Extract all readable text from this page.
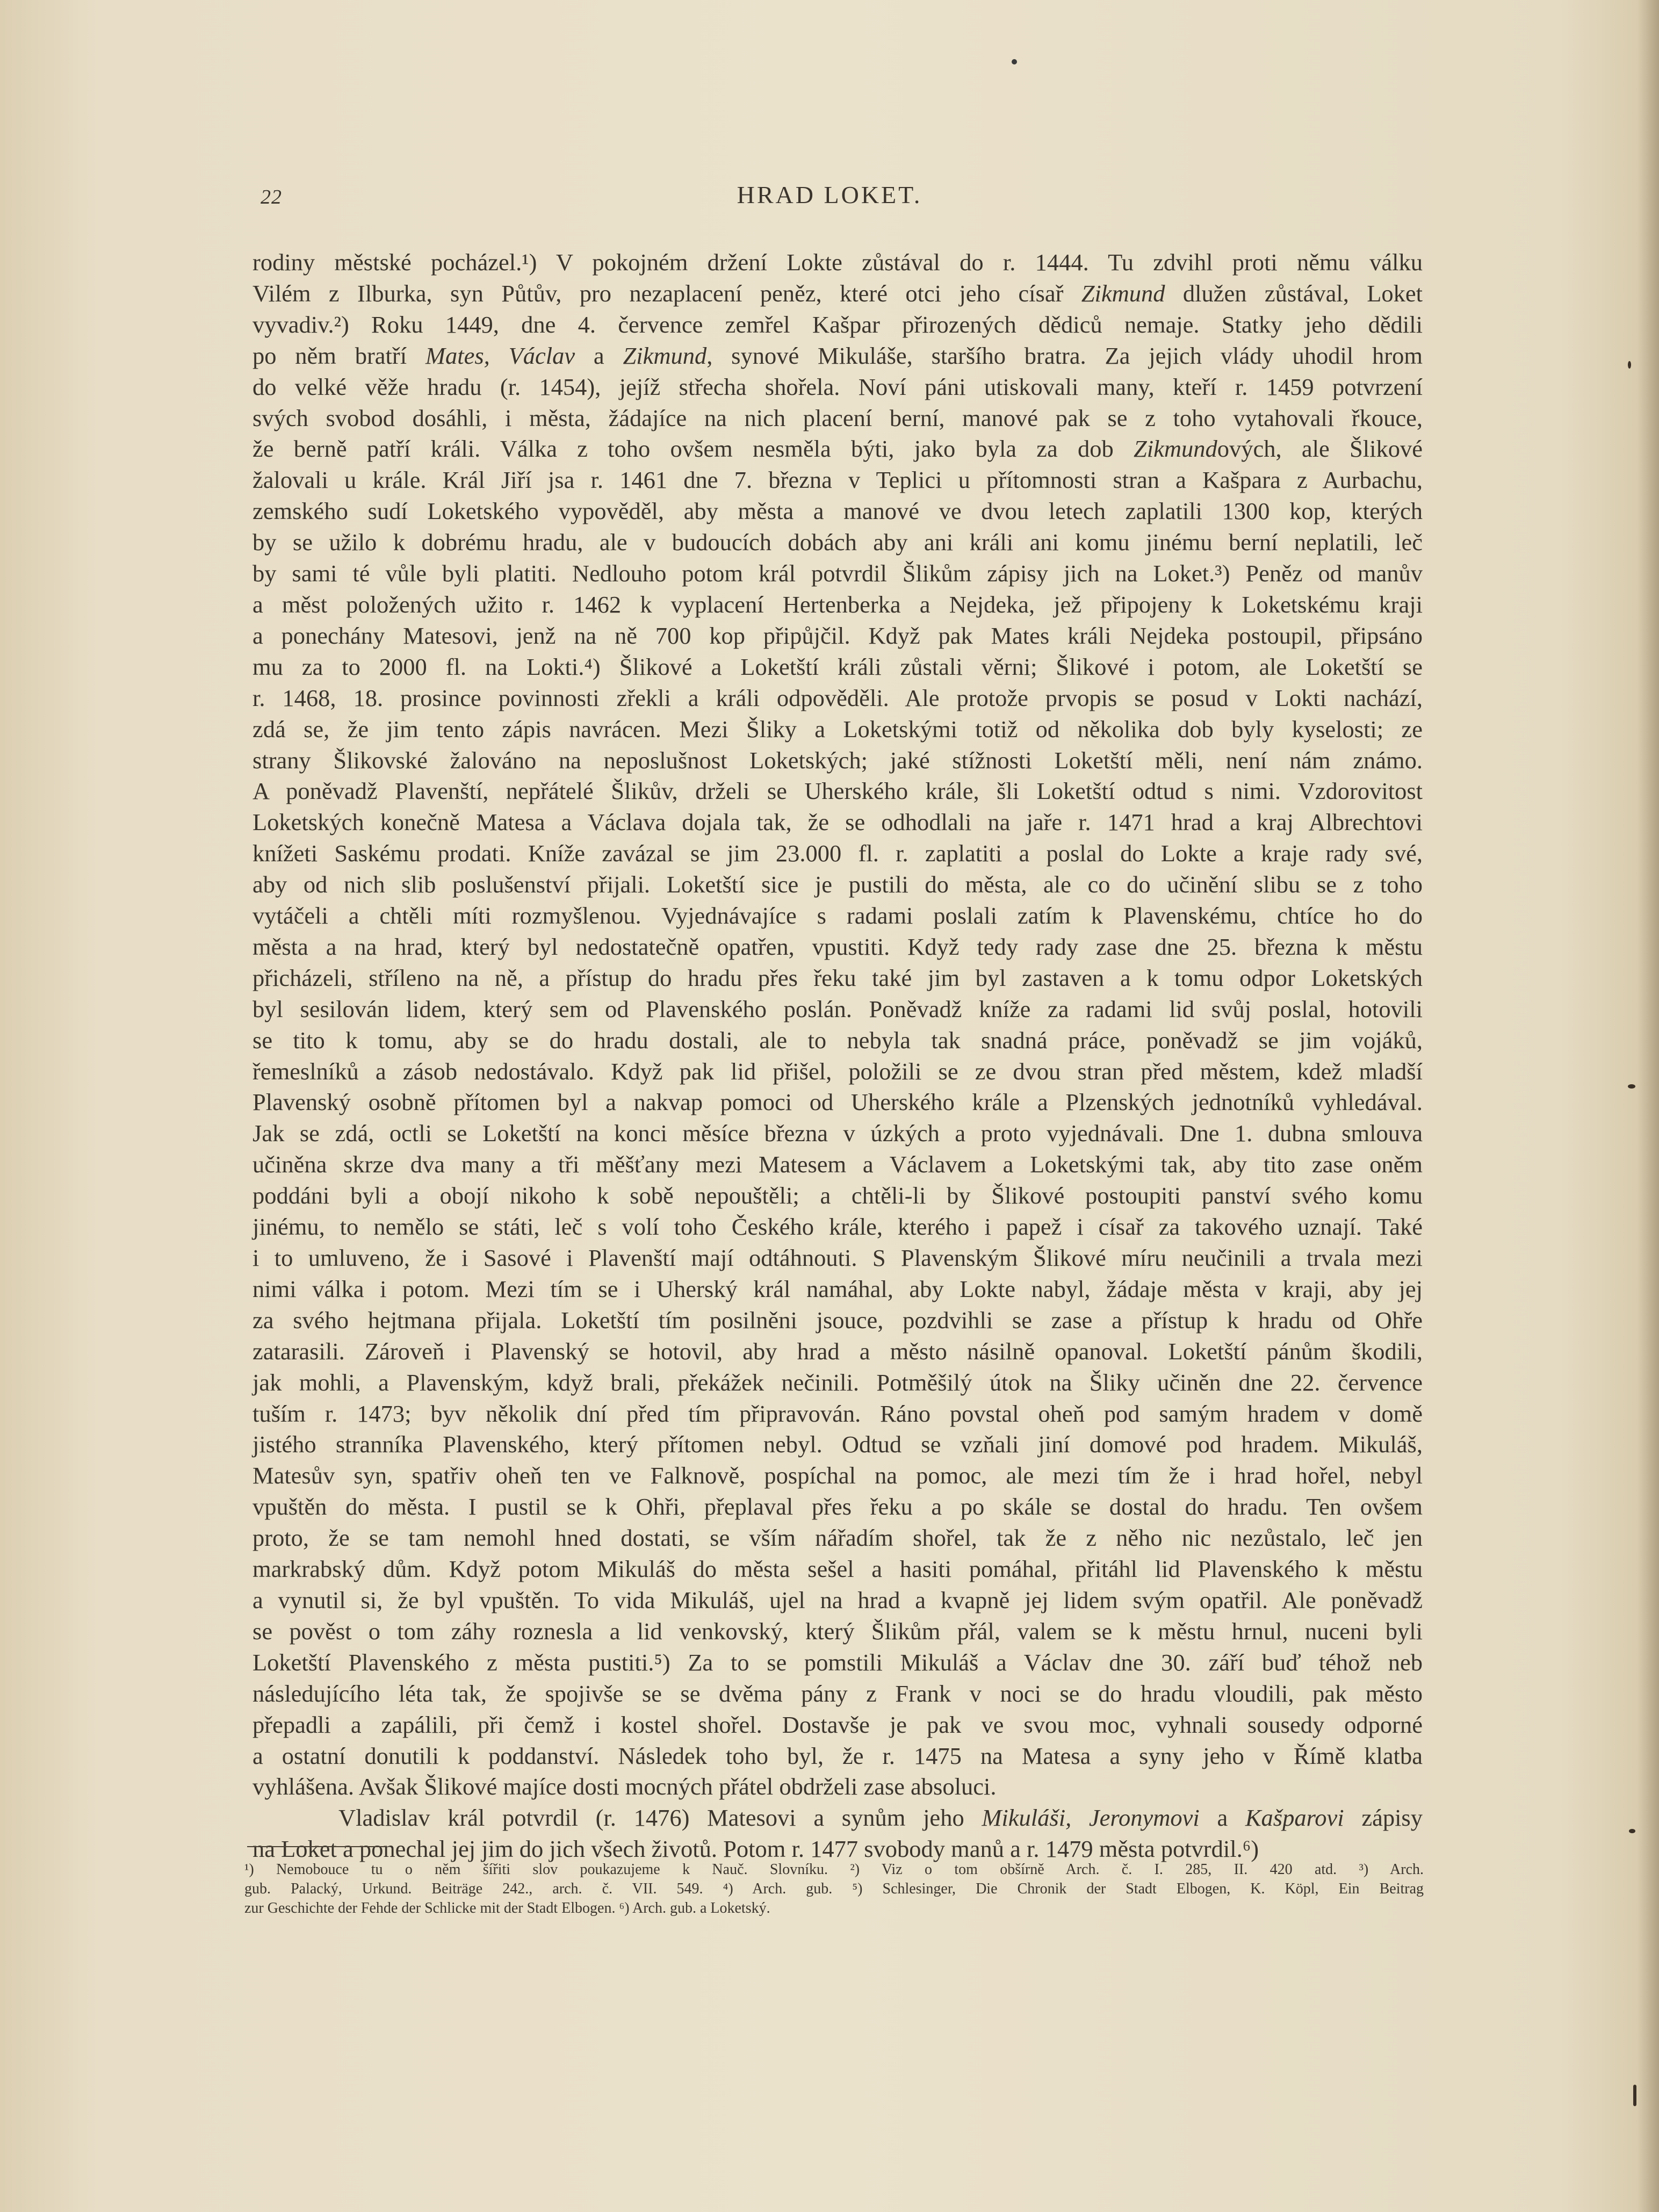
22	HRAD LOKET.
rodiny městské pocházel.¹) V pokojném držení Lokte zůstával do r. 1444. Tu zdvihl proti němu válku
Vilém z Ilburka, syn Půtův, pro nezaplacení peněz, které otci jeho císař Zikmund dlužen zůstával, Loket
vyvadiv.²) Roku 1449, dne 4. července zemřel Kašpar přirozených dědiců nemaje. Statky jeho dědili
po něm bratří Mates, Václav a Zikmund, synové Mikuláše, staršího bratra. Za jejich vlády uhodil hrom
do velké věže hradu (r. 1454), jejíž střecha shořela. Noví páni utiskovali many, kteří r. 1459 potvrzení
svých svobod dosáhli, i města, žádajíce na nich placení berní, manové pak se z toho vytahovali řkouce,
že berně patří králi. Válka z toho ovšem nesměla býti, jako byla za dob Zikmundových, ale Šlikové
žalovali u krále. Král Jiří jsa r. 1461 dne 7. března v Teplici u přítomnosti stran a Kašpara z Aurbachu,
zemského sudí Loketského vypověděl, aby města a manové ve dvou letech zaplatili 1300 kop, kterých
by se užilo k dobrému hradu, ale v budoucích dobách aby ani králi ani komu jinému berní neplatili, leč
by sami té vůle byli platiti. Nedlouho potom král potvrdil Šlikům zápisy jich na Loket.³) Peněz od manův
a měst položených užito r. 1462 k vyplacení Hertenberka a Nejdeka, jež připojeny k Loketskému kraji
a ponechány Matesovi, jenž na ně 700 kop připůjčil. Když pak Mates králi Nejdeka postoupil, připsáno
mu za to 2000 fl. na Lokti.⁴) Šlikové a Loketští králi zůstali věrni; Šlikové i potom, ale Loketští se
r. 1468, 18. prosince povinnosti zřekli a králi odpověděli. Ale protože prvopis se posud v Lokti nachází,
zdá se, že jim tento zápis navrácen. Mezi Šliky a Loketskými totiž od několika dob byly kyselosti; ze
strany Šlikovské žalováno na neposlušnost Loketských; jaké stížnosti Loketští měli, není nám známo.
A poněvadž Plavenští, nepřátelé Šlikův, drželi se Uherského krále, šli Loketští odtud s nimi. Vzdorovitost
Loketských konečně Matesa a Václava dojala tak, že se odhodlali na jaře r. 1471 hrad a kraj Albrechtovi
knížeti Saskému prodati. Kníže zavázal se jim 23.000 fl. r. zaplatiti a poslal do Lokte a kraje rady své,
aby od nich slib poslušenství přijali. Loketští sice je pustili do města, ale co do učinění slibu se z toho
vytáčeli a chtěli míti rozmyšlenou. Vyjednávajíce s radami poslali zatím k Plavenskému, chtíce ho do
města a na hrad, který byl nedostatečně opatřen, vpustiti. Když tedy rady zase dne 25. března k městu
přicházeli, stříleno na ně, a přístup do hradu přes řeku také jim byl zastaven a k tomu odpor Loketských
byl sesilován lidem, který sem od Plavenského poslán. Poněvadž kníže za radami lid svůj poslal, hotovili
se tito k tomu, aby se do hradu dostali, ale to nebyla tak snadná práce, poněvadž se jim vojáků,
řemeslníků a zásob nedostávalo. Když pak lid přišel, položili se ze dvou stran před městem, kdež mladší
Plavenský osobně přítomen byl a nakvap pomoci od Uherského krále a Plzenských jednotníků vyhledával.
Jak se zdá, octli se Loketští na konci měsíce března v úzkých a proto vyjednávali. Dne 1. dubna smlouva
učiněna skrze dva many a tři měšťany mezi Matesem a Václavem a Loketskými tak, aby tito zase oněm
poddáni byli a obojí nikoho k sobě nepouštěli; a chtěli-li by Šlikové postoupiti panství svého komu
jinému, to nemělo se státi, leč s volí toho Českého krále, kterého i papež i císař za takového uznají. Také
i to umluveno, že i Sasové i Plavenští mají odtáhnouti. S Plavenským Šlikové míru neučinili a trvala mezi
nimi válka i potom. Mezi tím se i Uherský král namáhal, aby Lokte nabyl, žádaje města v kraji, aby jej
za svého hejtmana přijala. Loketští tím posilněni jsouce, pozdvihli se zase a přístup k hradu od Ohře
zatarasili. Zároveň i Plavenský se hotovil, aby hrad a město násilně opanoval. Loketští pánům škodili,
jak mohli, a Plavenským, když brali, překážek nečinili. Potměšilý útok na Šliky učiněn dne 22. července
tuším r. 1473; byv několik dní před tím připravován. Ráno povstal oheň pod samým hradem v domě
jistého stranníka Plavenského, který přítomen nebyl. Odtud se vzňali jiní domové pod hradem. Mikuláš,
Matesův syn, spatřiv oheň ten ve Falknově, pospíchal na pomoc, ale mezi tím že i hrad hořel, nebyl
vpuštěn do města. I pustil se k Ohři, přeplaval přes řeku a po skále se dostal do hradu. Ten ovšem
proto, že se tam nemohl hned dostati, se vším nářadím shořel, tak že z něho nic nezůstalo, leč jen
markrabský dům. Když potom Mikuláš do města sešel a hasiti pomáhal, přitáhl lid Plavenského k městu
a vynutil si, že byl vpuštěn. To vida Mikuláš, ujel na hrad a kvapně jej lidem svým opatřil. Ale poněvadž
se pověst o tom záhy roznesla a lid venkovský, který Šlikům přál, valem se k městu hrnul, nuceni byli
Loketští Plavenského z města pustiti.⁵) Za to se pomstili Mikuláš a Václav dne 30. září buď téhož neb
následujícího léta tak, že spojivše se se dvěma pány z Frank v noci se do hradu vloudili, pak město
přepadli a zapálili, při čemž i kostel shořel. Dostavše je pak ve svou moc, vyhnali sousedy odporné
a ostatní donutili k poddanství. Následek toho byl, že r. 1475 na Matesa a syny jeho v Římě klatba
vyhlášena. Avšak Šlikové majíce dosti mocných přátel obdrželi zase absoluci.
Vladislav král potvrdil (r. 1476) Matesovi a synům jeho Mikuláši, Jeronymovi a Kašparovi zápisy
na Loket a ponechal jej jim do jich všech životů. Potom r. 1477 svobody manů a r. 1479 města potvrdil.⁶)
¹) Nemobouce tu o něm šířiti slov poukazujeme k Nauč. Slovníku. ²) Viz o tom obšírně Arch. č. I. 285, II. 420 atd. ³) Arch.
gub. Palacký, Urkund. Beiträge 242., arch. č. VII. 549. ⁴) Arch. gub. ⁵) Schlesinger, Die Chronik der Stadt Elbogen, K. Köpl, Ein Beitrag
zur Geschichte der Fehde der Schlicke mit der Stadt Elbogen. ⁶) Arch. gub. a Loketský.
